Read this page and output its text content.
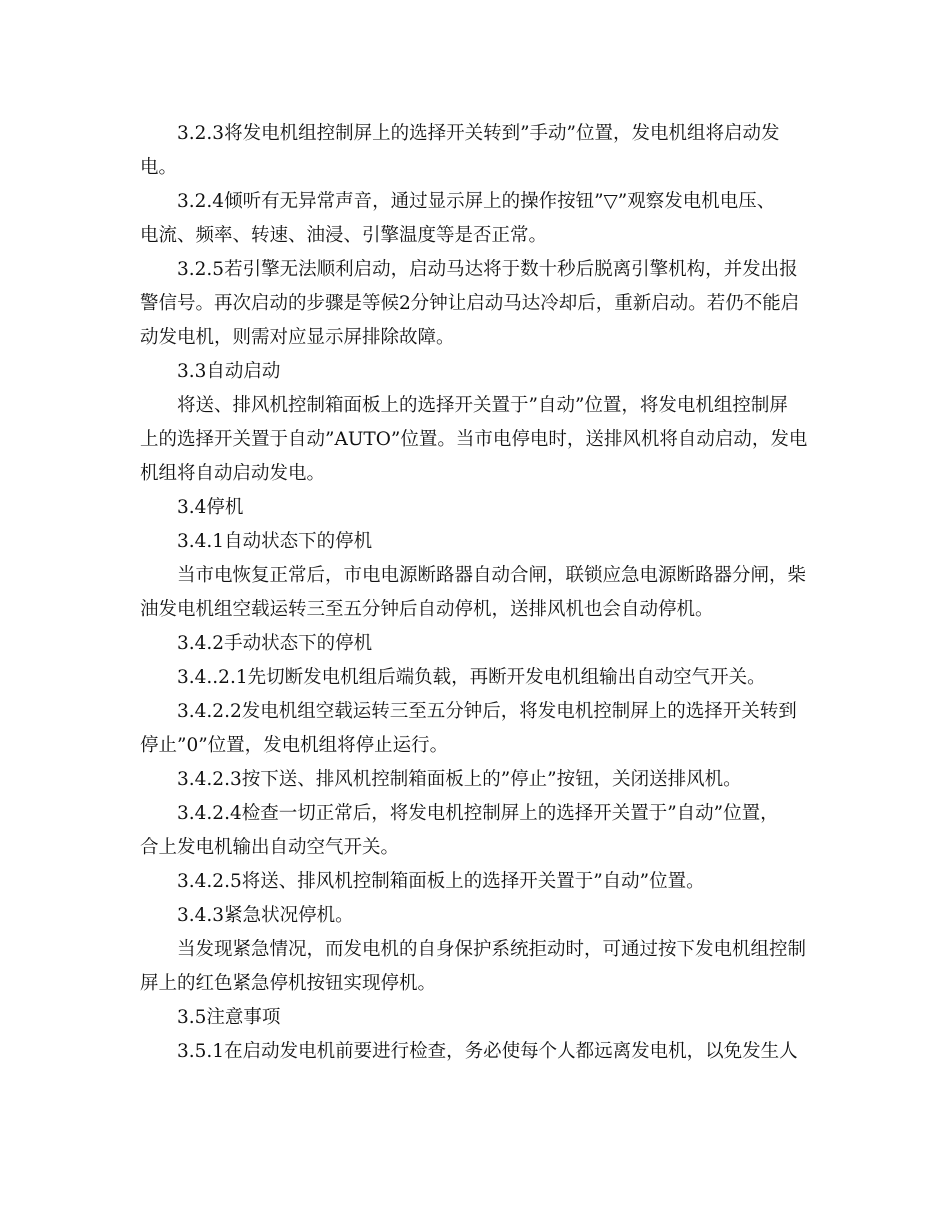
3.2.3将发电机组控制屏上的选择开关转到”手动”位置，发电机组将启动发
电。
3.2.4倾听有无异常声音，通过显示屏上的操作按钮”▽”观察发电机电压、
电流、频率、转速、油浸、引擎温度等是否正常。
3.2.5若引擎无法顺利启动，启动马达将于数十秒后脱离引擎机构，并发出报
警信号。再次启动的步骤是等候2分钟让启动马达冷却后，重新启动。若仍不能启
动发电机，则需对应显示屏排除故障。
3.3自动启动
将送、排风机控制箱面板上的选择开关置于”自动”位置，将发电机组控制屏
上的选择开关置于自动”AUTO”位置。当市电停电时，送排风机将自动启动，发电
机组将自动启动发电。
3.4停机
3.4.1自动状态下的停机
当市电恢复正常后，市电电源断路器自动合闸，联锁应急电源断路器分闸，柴
油发电机组空载运转三至五分钟后自动停机，送排风机也会自动停机。
3.4.2手动状态下的停机
3.4..2.1先切断发电机组后端负载，再断开发电机组输出自动空气开关。
3.4.2.2发电机组空载运转三至五分钟后，将发电机控制屏上的选择开关转到
停止”0”位置，发电机组将停止运行。
3.4.2.3按下送、排风机控制箱面板上的”停止”按钮，关闭送排风机。
3.4.2.4检查一切正常后，将发电机控制屏上的选择开关置于”自动”位置，
合上发电机输出自动空气开关。
3.4.2.5将送、排风机控制箱面板上的选择开关置于”自动”位置。
3.4.3紧急状况停机。
当发现紧急情况，而发电机的自身保护系统拒动时，可通过按下发电机组控制
屏上的红色紧急停机按钮实现停机。
3.5注意事项
3.5.1在启动发电机前要进行检查，务必使每个人都远离发电机，以免发生人
